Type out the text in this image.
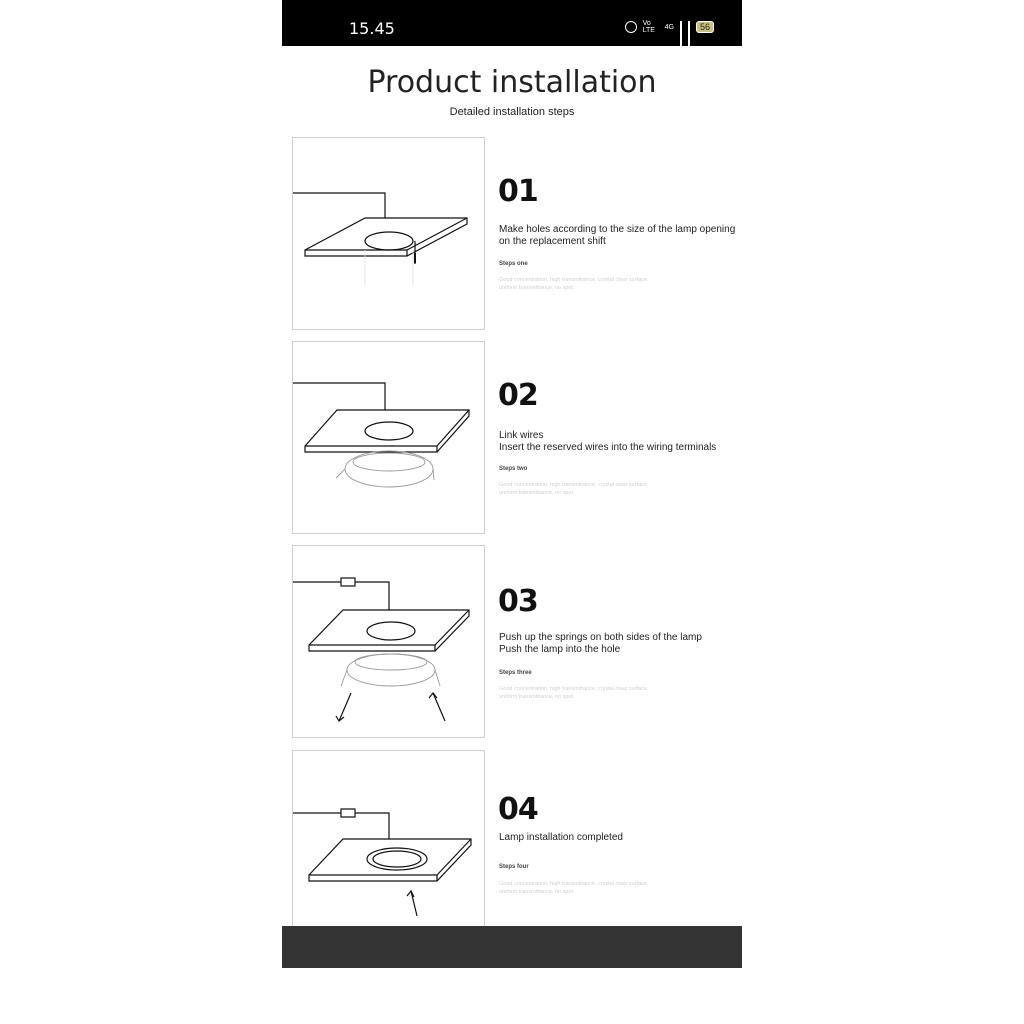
15.45	Vo LTE	4G	56
Product installation
Detailed installation steps
01
Make holes according to the size of the lamp opening on the replacement shift
Steps one
Good concentration, high transmittance, crystal clear surface, uniform transmittance, no spot.
02
Link wires
Insert the reserved wires into the wiring terminals
Steps two
Good concentration, high transmittance, crystal clear surface, uniform transmittance, no spot.
03
Push up the springs on both sides of the lamp
Push the lamp into the hole
Steps three
Good concentration, high transmittance, crystal clear surface, uniform transmittance, no spot.
04
Lamp installation completed
Steps four
Good concentration, high transmittance, crystal clear surface, uniform transmittance, no spot.
